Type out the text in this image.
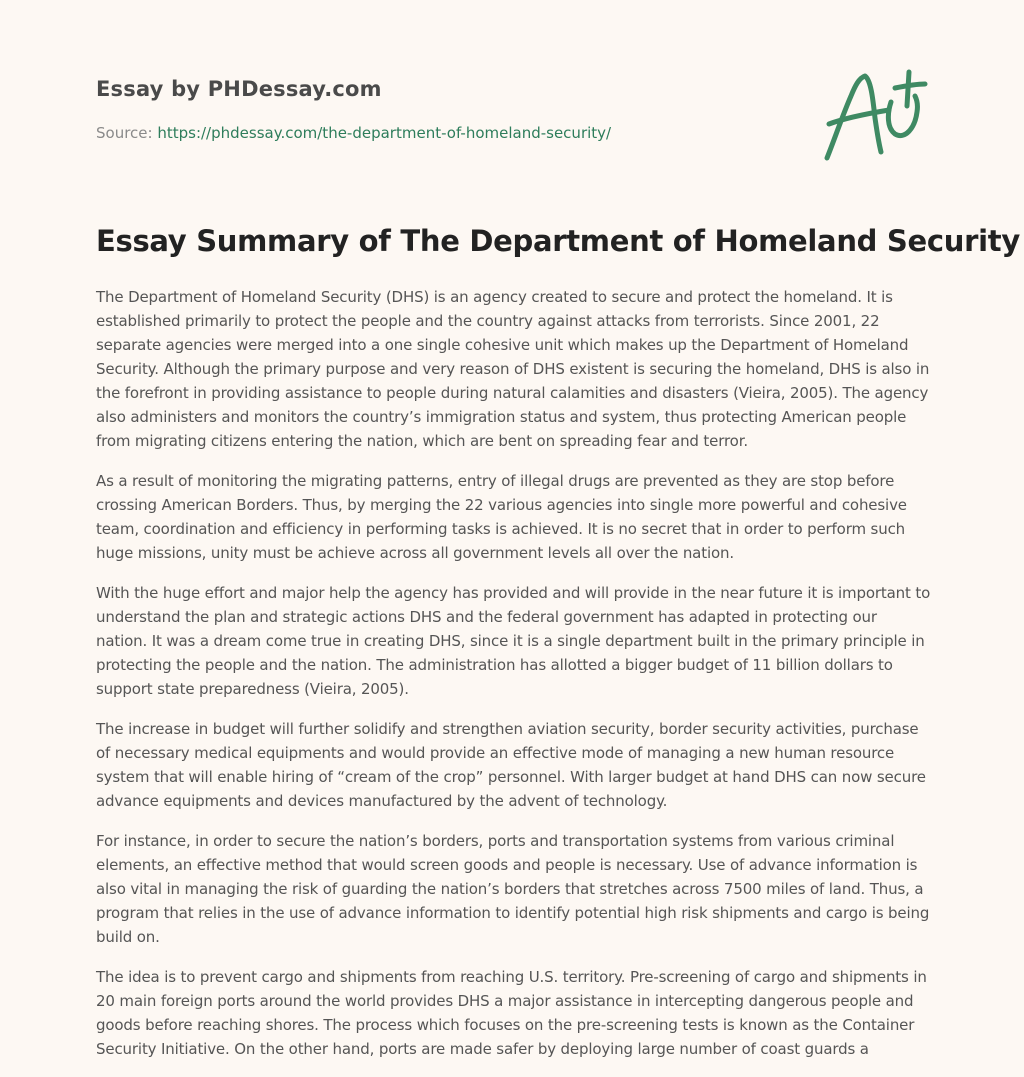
Essay by PHDessay.com
Source: https://phdessay.com/the-department-of-homeland-security/
Essay Summary of The Department of Homeland Security

The Department of Homeland Security (DHS) is an agency created to secure and protect the homeland. It is established primarily to protect the people and the country against attacks from terrorists. Since 2001, 22 separate agencies were merged into a one single cohesive unit which makes up the Department of Homeland Security. Although the primary purpose and very reason of DHS existent is securing the homeland, DHS is also in the forefront in providing assistance to people during natural calamities and disasters (Vieira, 2005). The agency also administers and monitors the country’s immigration status and system, thus protecting American people from migrating citizens entering the nation, which are bent on spreading fear and terror.

As a result of monitoring the migrating patterns, entry of illegal drugs are prevented as they are stop before crossing American Borders. Thus, by merging the 22 various agencies into single more powerful and cohesive team, coordination and efficiency in performing tasks is achieved. It is no secret that in order to perform such huge missions, unity must be achieve across all government levels all over the nation.

With the huge effort and major help the agency has provided and will provide in the near future it is important to understand the plan and strategic actions DHS and the federal government has adapted in protecting our nation. It was a dream come true in creating DHS, since it is a single department built in the primary principle in protecting the people and the nation. The administration has allotted a bigger budget of 11 billion dollars to support state preparedness (Vieira, 2005).

The increase in budget will further solidify and strengthen aviation security, border security activities, purchase of necessary medical equipments and would provide an effective mode of managing a new human resource system that will enable hiring of “cream of the crop” personnel. With larger budget at hand DHS can now secure advance equipments and devices manufactured by the advent of technology.

For instance, in order to secure the nation’s borders, ports and transportation systems from various criminal elements, an effective method that would screen goods and people is necessary. Use of advance information is also vital in managing the risk of guarding the nation’s borders that stretches across 7500 miles of land. Thus, a program that relies in the use of advance information to identify potential high risk shipments and cargo is being build on.

The idea is to prevent cargo and shipments from reaching U.S. territory. Pre-screening of cargo and shipments in 20 main foreign ports around the world provides DHS a major assistance in intercepting dangerous people and goods before reaching shores. The process which focuses on the pre-screening tests is known as the Container Security Initiative. On the other hand, ports are made safer by deploying large number of coast guards a
